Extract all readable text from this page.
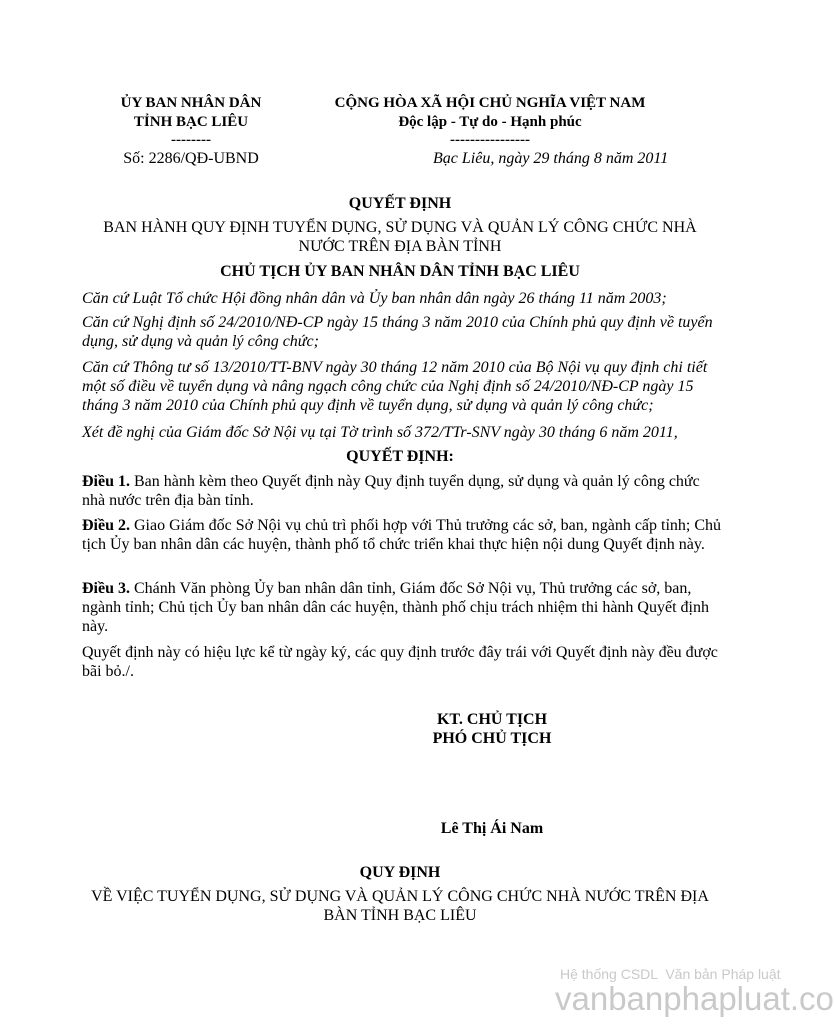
ỦY BAN NHÂN DÂN
TỈNH BẠC LIÊU
--------
Số: 2286/QĐ-UBND
CỘNG HÒA XÃ HỘI CHỦ NGHĨA VIỆT NAM
Độc lập - Tự do - Hạnh phúc
----------------
Bạc Liêu, ngày 29 tháng 8 năm 2011
QUYẾT ĐỊNH
BAN HÀNH QUY ĐỊNH TUYỂN DỤNG, SỬ DỤNG VÀ QUẢN LÝ CÔNG CHỨC NHÀ
NƯỚC TRÊN ĐỊA BÀN TỈNH
CHỦ TỊCH ỦY BAN NHÂN DÂN TỈNH BẠC LIÊU
Căn cứ Luật Tổ chức Hội đồng nhân dân và Ủy ban nhân dân ngày 26 tháng 11 năm 2003;
Căn cứ Nghị định số 24/2010/NĐ-CP ngày 15 tháng 3 năm 2010 của Chính phủ quy định về tuyển dụng, sử dụng và quản lý công chức;
Căn cứ Thông tư số 13/2010/TT-BNV ngày 30 tháng 12 năm 2010 của Bộ Nội vụ quy định chi tiết một số điều về tuyển dụng và nâng ngạch công chức của Nghị định số 24/2010/NĐ-CP ngày 15 tháng 3 năm 2010 của Chính phủ quy định về tuyển dụng, sử dụng và quản lý công chức;
Xét đề nghị của Giám đốc Sở Nội vụ tại Tờ trình số 372/TTr-SNV ngày 30 tháng 6 năm 2011,
QUYẾT ĐỊNH:
Điều 1. Ban hành kèm theo Quyết định này Quy định tuyển dụng, sử dụng và quản lý công chức nhà nước trên địa bàn tỉnh.
Điều 2. Giao Giám đốc Sở Nội vụ chủ trì phối hợp với Thủ trưởng các sở, ban, ngành cấp tỉnh; Chủ tịch Ủy ban nhân dân các huyện, thành phố tổ chức triển khai thực hiện nội dung Quyết định này.
Điều 3. Chánh Văn phòng Ủy ban nhân dân tỉnh, Giám đốc Sở Nội vụ, Thủ trưởng các sở, ban, ngành tỉnh; Chủ tịch Ủy ban nhân dân các huyện, thành phố chịu trách nhiệm thi hành Quyết định này.
Quyết định này có hiệu lực kể từ ngày ký, các quy định trước đây trái với Quyết định này đều được bãi bỏ./.
KT. CHỦ TỊCH
PHÓ CHỦ TỊCH
Lê Thị Ái Nam
QUY ĐỊNH
VỀ VIỆC TUYỂN DỤNG, SỬ DỤNG VÀ QUẢN LÝ CÔNG CHỨC NHÀ NƯỚC TRÊN ĐỊA
BÀN TỈNH BẠC LIÊU
Hệ thống CSDL  Văn bản Pháp luật
vanbanphapluat.co
